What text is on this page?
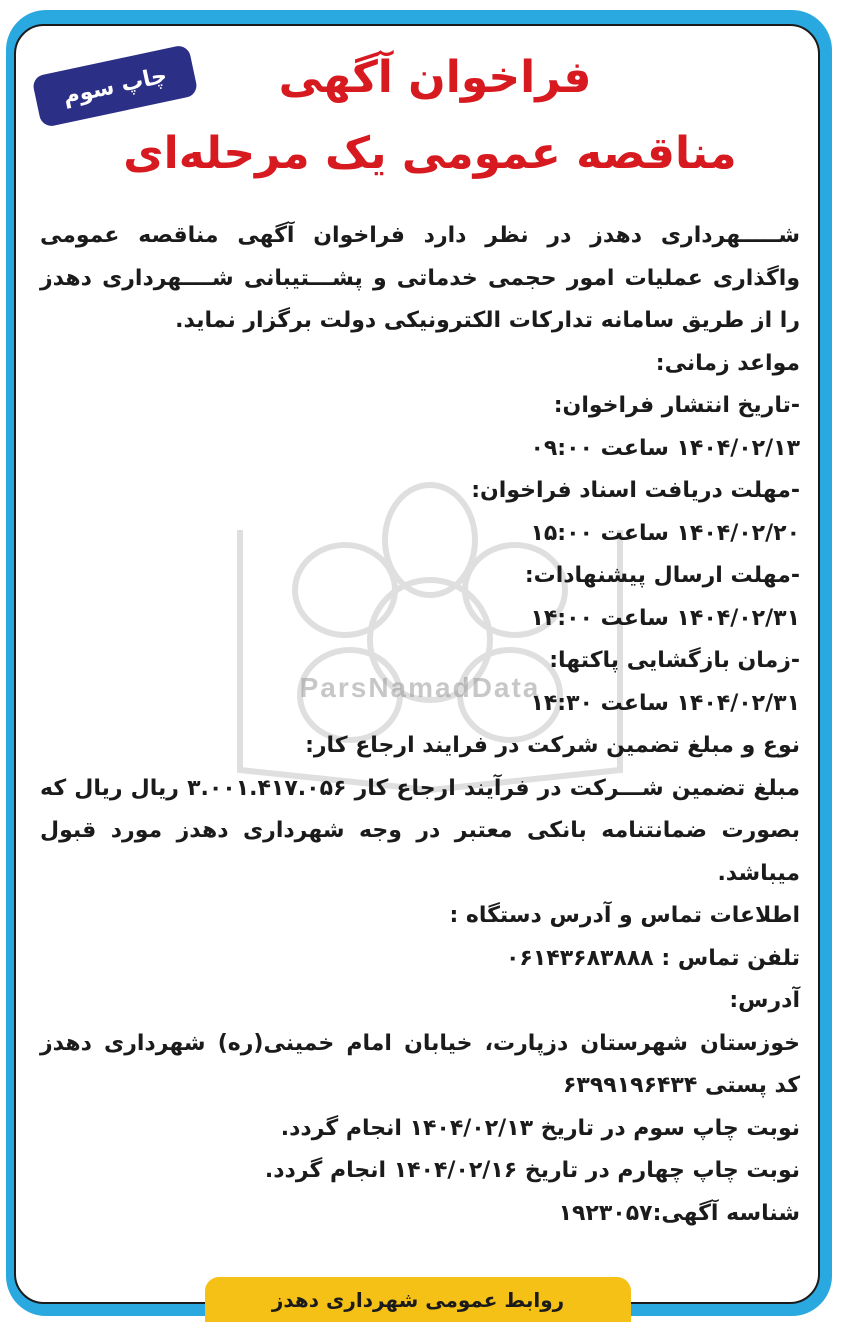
ParsNamadData
چاپ سوم	فراخوان آگهی
مناقصه عمومی یک مرحله‌ای

شـــــهرداری دهدز در نظر دارد فراخوان آگهی مناقصه عمومی واگذاری عملیات امور حجمی خدماتی و پشـــتیبانی شــــهرداری دهدز را از طریق سامانه تدارکات الکترونیکی دولت برگزار نماید.

مواعد زمانی:

-تاریخ انتشار فراخوان:

۱۴۰۴/۰۲/۱۳ ساعت ۰۹:۰۰

-مهلت دریافت اسناد فراخوان:

۱۴۰۴/۰۲/۲۰ ساعت ۱۵:۰۰

-مهلت ارسال پیشنهادات:

۱۴۰۴/۰۲/۳۱ ساعت ۱۴:۰۰

-زمان بازگشایی پاکتها:

۱۴۰۴/۰۲/۳۱ ساعت ۱۴:۳۰

نوع و مبلغ تضمین شرکت در فرایند ارجاع کار:

مبلغ تضمین شـــرکت در فرآیند ارجاع کار ۳.۰۰۱.۴۱۷.۰۵۶ ریال ریال که بصورت ضمانتنامه بانکی معتبر در وجه شهرداری دهدز مورد قبول میباشد.

اطلاعات تماس و آدرس دستگاه :

تلفن تماس : ۰۶۱۴۳۶۸۳۸۸۸

آدرس:

خوزستان شهرستان دزپارت، خیابان امام خمینی(ره) شهرداری دهدز کد پستی ۶۳۹۹۱۹۶۴۳۴

نوبت چاپ سوم در تاریخ ۱۴۰۴/۰۲/۱۳ انجام گردد.

نوبت چاپ چهارم در تاریخ ۱۴۰۴/۰۲/۱۶ انجام گردد.

شناسه آگهی:۱۹۲۳۰۵۷

روابط عمومی شهرداری دهدز
